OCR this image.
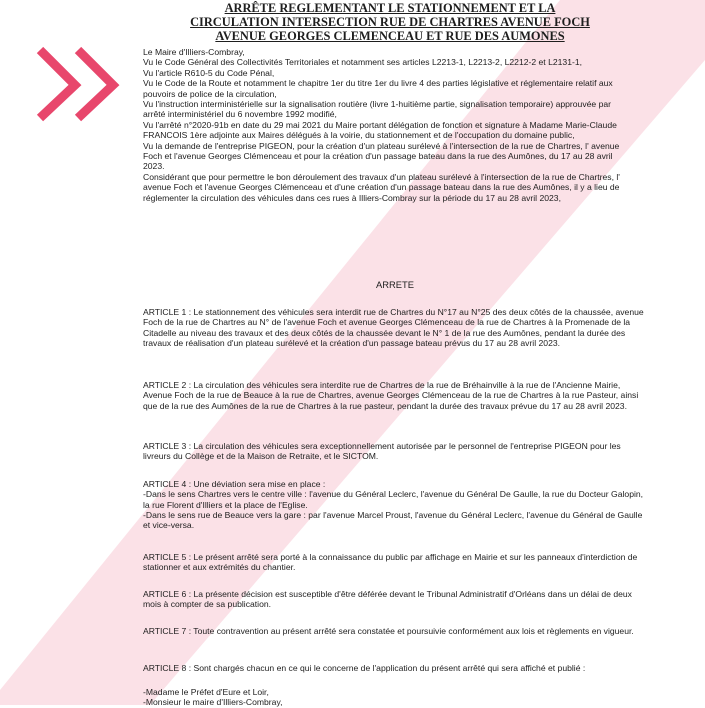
ARRÊTE REGLEMENTANT LE STATIONNEMENT ET LA
CIRCULATION INTERSECTION RUE DE CHARTRES AVENUE FOCH
AVENUE GEORGES CLEMENCEAU ET RUE DES AUMONES

Le Maire d'Illiers-Combray,

Vu le Code Général des Collectivités Territoriales et notamment ses articles L2213-1, L2213-2, L2212-2 et L2131-1,

Vu l'article R610-5 du Code Pénal,

Vu le Code de la Route et notamment le chapitre 1er du titre 1er du livre 4 des parties législative et réglementaire relatif aux pouvoirs de police de la circulation,

Vu l'instruction interministérielle sur la signalisation routière (livre 1-huitième partie, signalisation temporaire) approuvée par arrêté interministériel du 6 novembre 1992 modifié,

Vu l'arrêté n°2020-91b en date du 29 mai 2021 du Maire portant délégation de fonction et signature à Madame Marie-Claude FRANCOIS 1ère adjointe aux Maires délégués à la voirie, du stationnement et de l'occupation du domaine public,

Vu la demande de l'entreprise PIGEON, pour la création d'un plateau surélevé à l'intersection de la rue de Chartres, l' avenue Foch et l'avenue Georges Clémenceau et pour la création d'un passage bateau dans la rue des Aumônes, du 17 au 28 avril 2023.

Considérant que pour permettre le bon déroulement des travaux d'un plateau surélevé à l'intersection de la rue de Chartres, l' avenue Foch et l'avenue Georges Clémenceau et d'une création d'un passage bateau dans la rue des Aumônes, il y a lieu de réglementer la circulation des véhicules dans ces rues à Illiers-Combray sur la période du 17 au 28 avril 2023,

ARRETE

ARTICLE 1 : Le stationnement des véhicules sera interdit rue de Chartres du N°17 au N°25 des deux côtés de la chaussée, avenue Foch de la rue de Chartres au N° de l'avenue Foch et avenue Georges Clémenceau de la rue de Chartres à la Promenade de la Citadelle au niveau des travaux et des deux côtés de la chaussée devant le N° 1 de la rue des Aumônes, pendant la durée des travaux de réalisation d'un plateau surélevé et la création d'un passage bateau prévus du 17 au 28 avril 2023.

ARTICLE 2 : La circulation des véhicules sera interdite rue de Chartres de la rue de Bréhainville à la rue de l'Ancienne Mairie, Avenue Foch de la rue de Beauce à la rue de Chartres, avenue Georges Clémenceau de la rue de Chartres à la rue Pasteur, ainsi que de la rue des Aumônes de la rue de Chartres à la rue pasteur, pendant la durée des travaux prévue du 17 au 28 avril 2023.

ARTICLE 3 : La circulation des véhicules sera exceptionnellement autorisée par le personnel de l'entreprise PIGEON pour les livreurs du Collège et de la Maison de Retraite, et le SICTOM.

ARTICLE 4 : Une déviation sera mise en place :

-Dans le sens Chartres vers le centre ville : l'avenue du Général Leclerc, l'avenue du Général De Gaulle, la rue du Docteur Galopin, la rue Florent d'Illiers et la place de l'Eglise.

-Dans le sens rue de Beauce vers la gare : par l'avenue Marcel Proust, l'avenue du Général Leclerc, l'avenue du Général de Gaulle et vice-versa.

ARTICLE 5 : Le présent arrêté sera porté à la connaissance du public par affichage en Mairie et sur les panneaux d'interdiction de stationner et aux extrémités du chantier.

ARTICLE 6 : La présente décision est susceptible d'être déférée devant le Tribunal Administratif d'Orléans dans un délai de deux mois à compter de sa publication.

ARTICLE 7 : Toute contravention au présent arrêté sera constatée et poursuivie conformément aux lois et règlements en vigueur.

ARTICLE 8 : Sont chargés chacun en ce qui le concerne de l'application du présent arrêté qui sera affiché et publié :

-Madame le Préfet d'Eure et Loir,

-Monsieur le maire d'Illiers-Combray,
